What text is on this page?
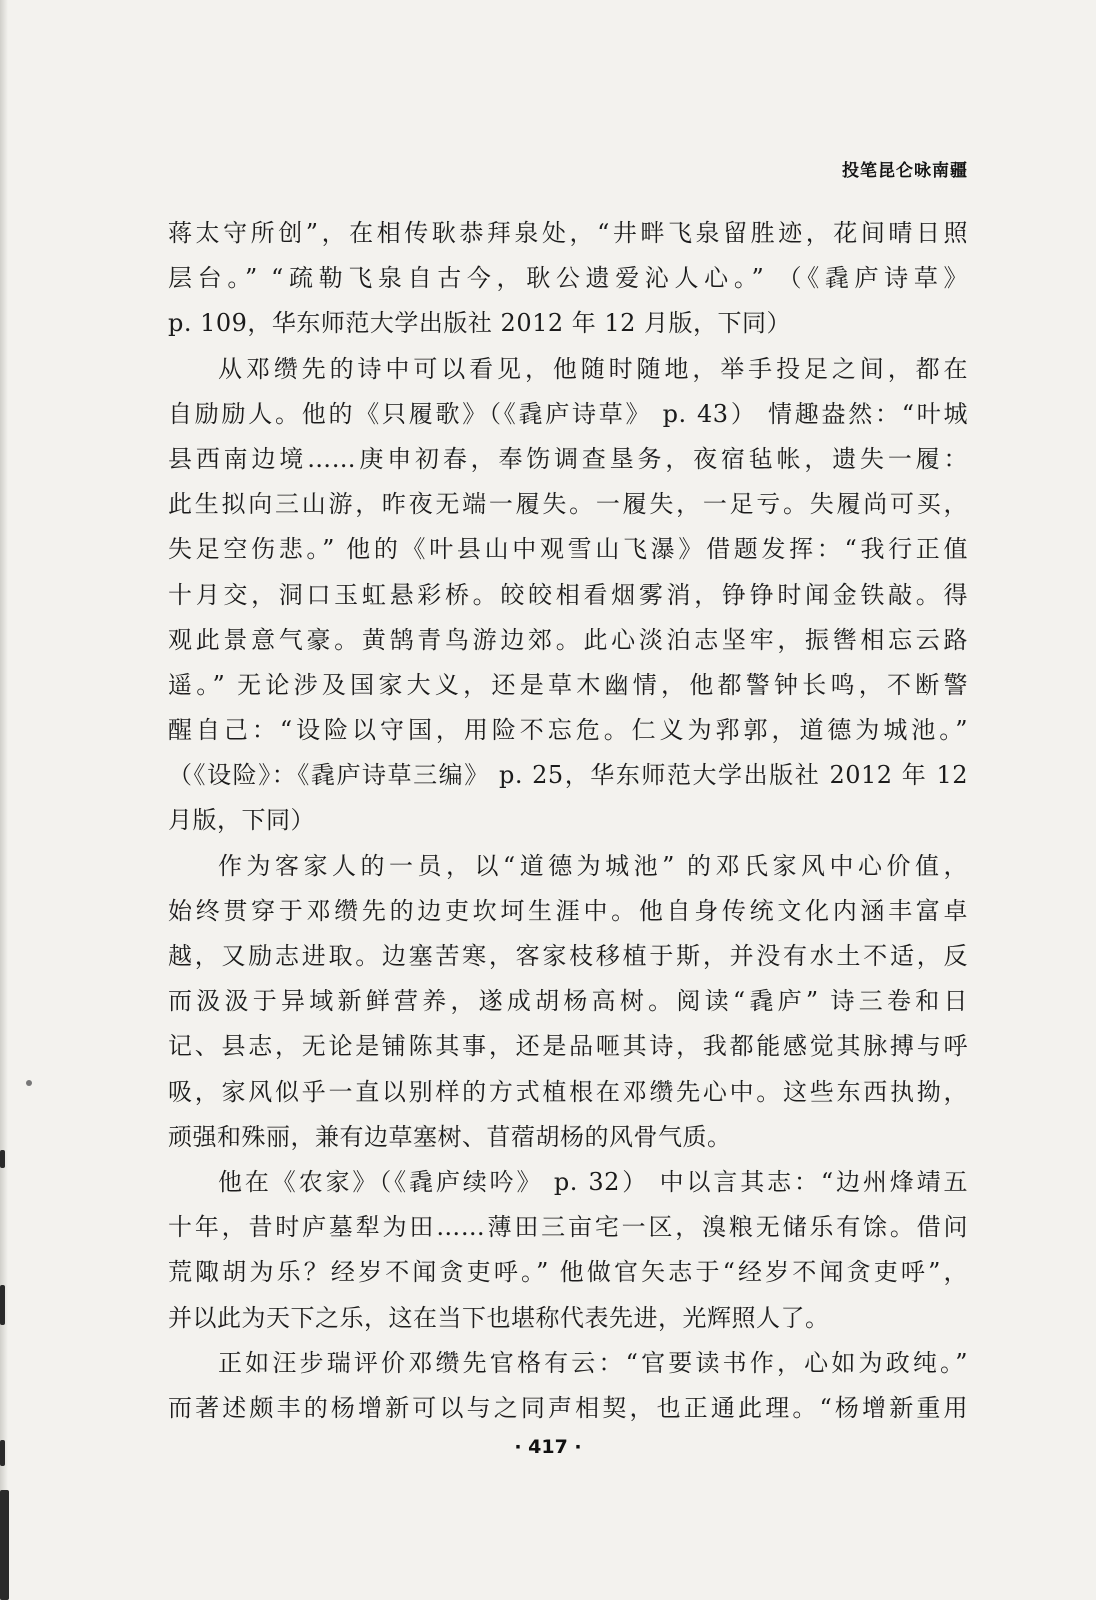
投笔昆仑咏南疆
蒋太守所创”，在相传耿恭拜泉处，“井畔飞泉留胜迹，花间晴日照
层台。” “疏勒飞泉自古今，耿公遗爱沁人心。” （《毳庐诗草》
p. 109，华东师范大学出版社 2012 年 12 月版，下同）
从邓缵先的诗中可以看见，他随时随地，举手投足之间，都在
自励励人。他的《只履歌》（《毳庐诗草》 p. 43） 情趣盎然：“叶城
县西南边境……庚申初春，奉饬调查垦务，夜宿毡帐，遗失一履：
此生拟向三山游，昨夜无端一履失。一履失，一足亏。失履尚可买，
失足空伤悲。” 他的《叶县山中观雪山飞瀑》借题发挥：“我行正值
十月交，洞口玉虹悬彩桥。皎皎相看烟雾消，铮铮时闻金铁敲。得
观此景意气豪。黄鹄青鸟游边郊。此心淡泊志坚牢，振辔相忘云路
遥。” 无论涉及国家大义，还是草木幽情，他都警钟长鸣，不断警
醒自己：“设险以守国，用险不忘危。仁义为郛郭，道德为城池。”
（《设险》：《毳庐诗草三编》 p. 25，华东师范大学出版社 2012 年 12
月版，下同）
作为客家人的一员，以“道德为城池” 的邓氏家风中心价值，
始终贯穿于邓缵先的边吏坎坷生涯中。他自身传统文化内涵丰富卓
越，又励志进取。边塞苦寒，客家枝移植于斯，并没有水土不适，反
而汲汲于异域新鲜营养，遂成胡杨高树。阅读“毳庐” 诗三卷和日
记、县志，无论是铺陈其事，还是品咂其诗，我都能感觉其脉搏与呼
吸，家风似乎一直以别样的方式植根在邓缵先心中。这些东西执拗，
顽强和殊丽，兼有边草塞树、苜蓿胡杨的风骨气质。
他在《农家》（《毳庐续吟》 p. 32） 中以言其志：“边州烽靖五
十年，昔时庐墓犁为田……薄田三亩宅一区，溴粮无储乐有馀。借问
荒陬胡为乐？经岁不闻贪吏呼。” 他做官矢志于“经岁不闻贪吏呼”，
并以此为天下之乐，这在当下也堪称代表先进，光辉照人了。
正如汪步瑞评价邓缵先官格有云：“官要读书作，心如为政纯。”
而著述颇丰的杨增新可以与之同声相契，也正通此理。“杨增新重用
· 417 ·
